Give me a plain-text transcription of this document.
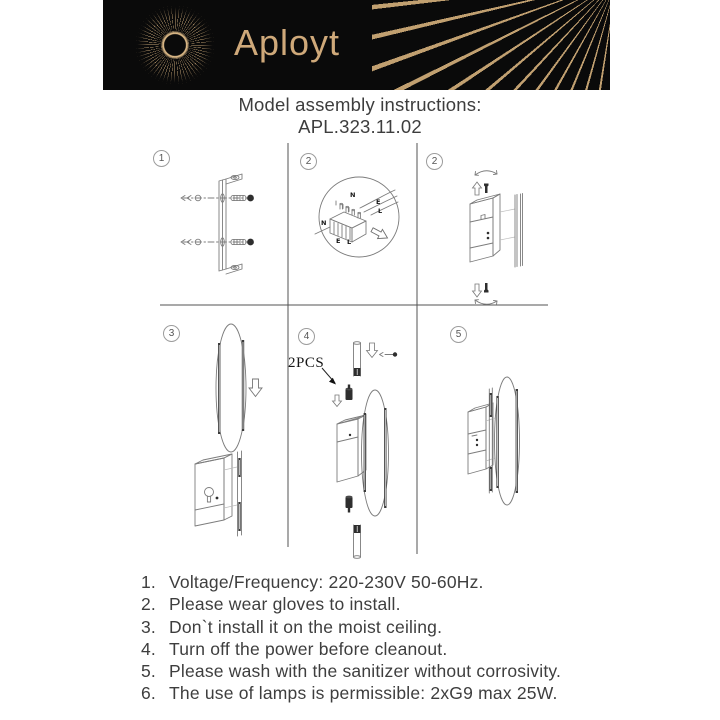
Aployt
Model assembly instructions:
APL.323.11.02
N
E
L
N
E L
1	2	2
3	4	5
2PCS
1. Voltage/Frequency: 220-230V 50-60Hz.
2. Please wear gloves to install.
3. Don`t install it on the moist ceiling.
4. Turn off the power before cleanout.
5. Please wash with the sanitizer without corrosivity.
6. The use of lamps is permissible: 2xG9 max 25W.
